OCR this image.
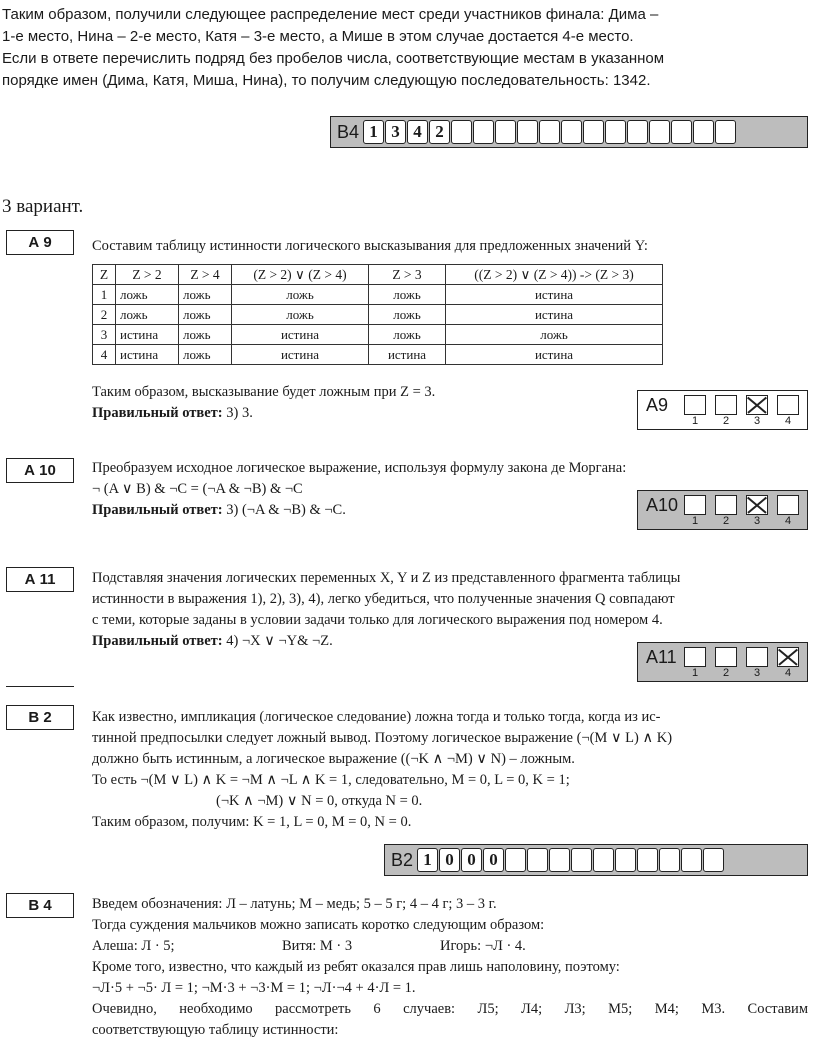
Таким образом, получили следующее распределение мест среди участников финала: Дима –
1-е место, Нина – 2-е место, Катя – 3-е место, а Мише в этом случае достается 4-е место.
Если в ответе перечислить подряд без пробелов числа, соответствующие местам в указанном
порядке имен (Дима, Катя, Миша, Нина), то получим следующую последовательность: 1342.
B4 1 3 4 2
3 вариант.
А 9	Составим таблицу истинности логического высказывания для предложенных значений Y:
Z	Z > 2	Z > 4	(Z > 2) ∨ (Z > 4)	Z > 3	((Z > 2) ∨ (Z > 4)) -> (Z > 3)
1	ложь	ложь	ложь	ложь	истина
2	ложь	ложь	ложь	ложь	истина
3	истина	ложь	истина	ложь	ложь
4	истина	ложь	истина	истина	истина
Таким образом, высказывание будет ложным при Z = 3.
Правильный ответ: 3) 3.	А9
1 2 3 4
А 10	Преобразуем исходное логическое выражение, используя формулу закона де Моргана:
¬ (A ∨ B) & ¬C = (¬A & ¬B) & ¬C
Правильный ответ: 3) (¬A & ¬B) & ¬C.	А10
1 2 3 4
А 11	Подставляя значения логических переменных X, Y и Z из представленного фрагмента таблицы
истинности в выражения 1), 2), 3), 4), легко убедиться, что полученные значения Q совпадают
с теми, которые заданы в условии задачи только для логического выражения под номером 4.
Правильный ответ: 4) ¬X ∨ ¬Y& ¬Z.
А11
1 2 3 4
В 2	Как известно, импликация (логическое следование) ложна тогда и только тогда, когда из ис-
тинной предпосылки следует ложный вывод. Поэтому логическое выражение (¬(M ∨ L) ∧ K)
должно быть истинным, а логическое выражение ((¬K ∧ ¬M) ∨ N) – ложным.
То есть ¬(M ∨ L) ∧ K = ¬M ∧ ¬L ∧ K = 1, следовательно, M = 0, L = 0, K = 1;
(¬K ∧ ¬M) ∨ N = 0, откуда N = 0.
Таким образом, получим: K = 1, L = 0, M = 0, N = 0.
B2 1 0 0 0
В 4	Введем обозначения: Л – латунь; М – медь; 5 – 5 г; 4 – 4 г; 3 – 3 г.
Тогда суждения мальчиков можно записать коротко следующим образом:
Алеша: Л · 5;	Витя: М · 3	Игорь: ¬Л · 4.
Кроме того, известно, что каждый из ребят оказался прав лишь наполовину, поэтому:
¬Л·5 + ¬5· Л = 1; ¬М·3 + ¬3·М = 1; ¬Л·¬4 + 4·Л = 1.
Очевидно, необходимо рассмотреть 6 случаев: Л5; Л4; Л3; М5; М4; М3. Составим
соответствующую таблицу истинности:
